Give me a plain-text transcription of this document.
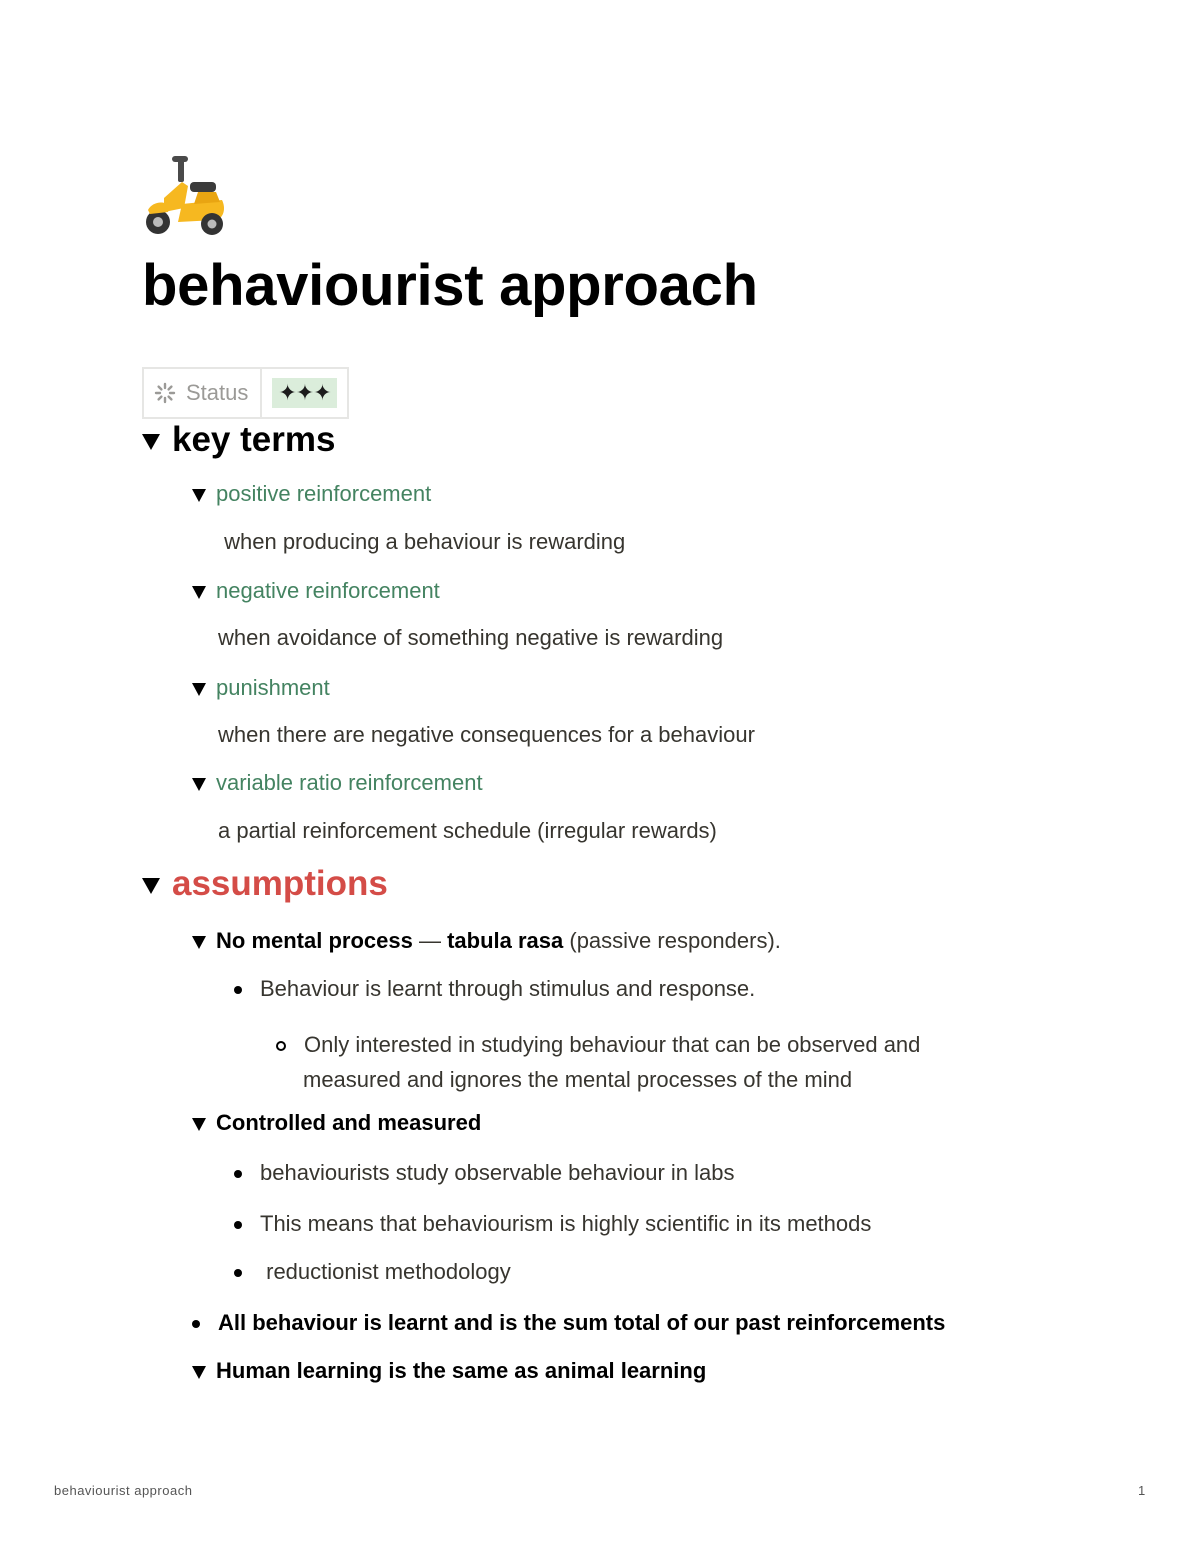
behaviourist approach
Status ✦✦✦
key terms
positive reinforcement
when producing a behaviour is rewarding
negative reinforcement
when avoidance of something negative is rewarding
punishment
when there are negative consequences for a behaviour
variable ratio reinforcement
a partial reinforcement schedule (irregular rewards)
assumptions
No mental process — tabula rasa (passive responders).
Behaviour is learnt through stimulus and response.
Only interested in studying behaviour that can be observed and
measured and ignores the mental processes of the mind
Controlled and measured
behaviourists study observable behaviour in labs
This means that behaviourism is highly scientific in its methods
reductionist methodology
All behaviour is learnt and is the sum total of our past reinforcements
Human learning is the same as animal learning
behaviourist approach	1
